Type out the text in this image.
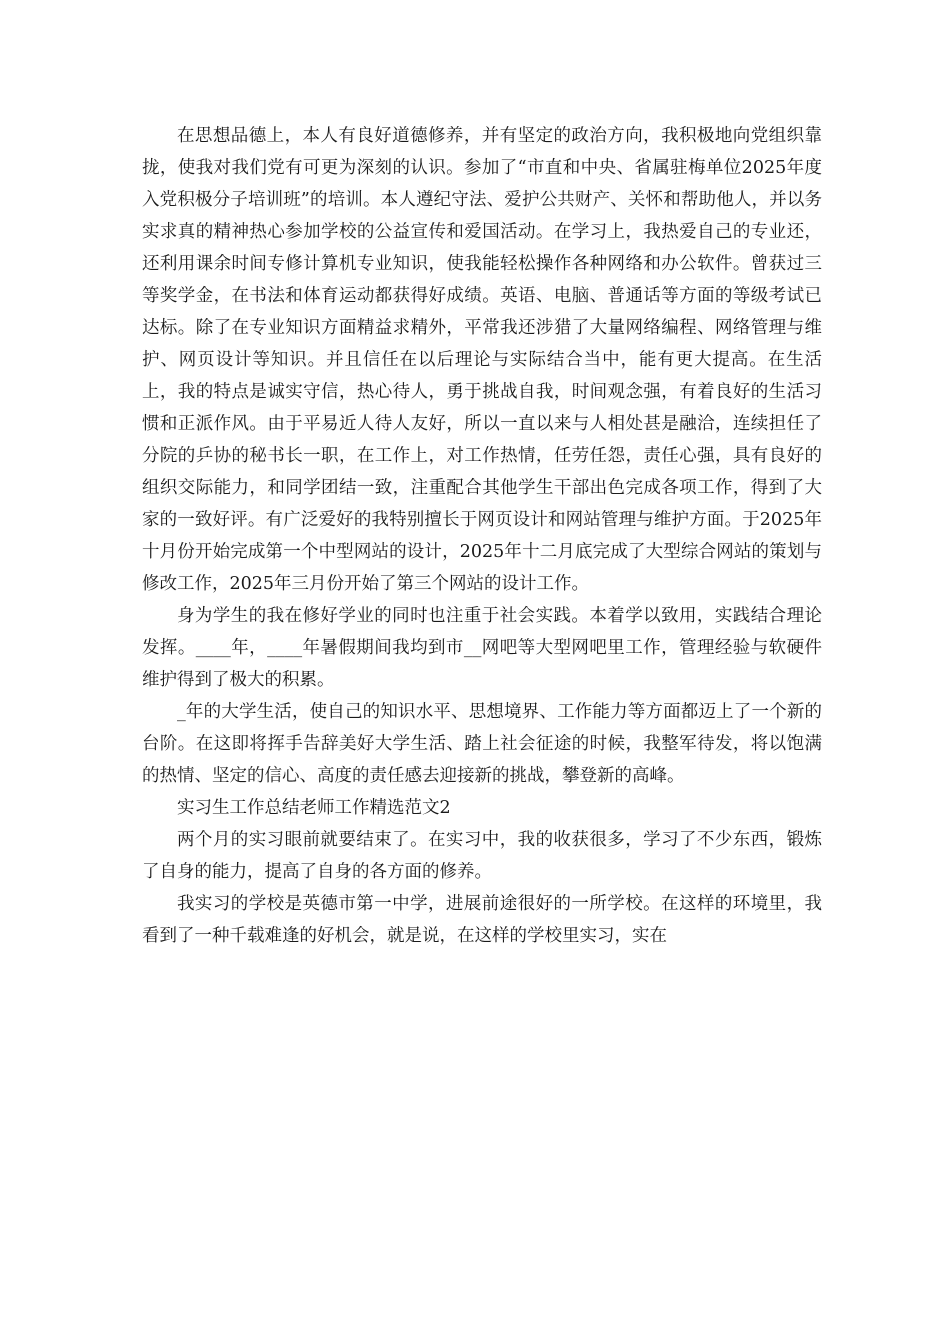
在思想品德上，本人有良好道德修养，并有坚定的政治方向，我积极地向党组织靠拢，使我对我们党有可更为深刻的认识。参加了“市直和中央、省属驻梅单位2025年度入党积极分子培训班”的培训。本人遵纪守法、爱护公共财产、关怀和帮助他人，并以务实求真的精神热心参加学校的公益宣传和爱国活动。在学习上，我热爱自己的专业还，还利用课余时间专修计算机专业知识，使我能轻松操作各种网络和办公软件。曾获过三等奖学金，在书法和体育运动都获得好成绩。英语、电脑、普通话等方面的等级考试已达标。除了在专业知识方面精益求精外，平常我还涉猎了大量网络编程、网络管理与维护、网页设计等知识。并且信任在以后理论与实际结合当中，能有更大提高。在生活上，我的特点是诚实守信，热心待人，勇于挑战自我，时间观念强，有着良好的生活习惯和正派作风。由于平易近人待人友好，所以一直以来与人相处甚是融洽，连续担任了分院的乒协的秘书长一职，在工作上，对工作热情，任劳任怨，责任心强，具有良好的组织交际能力，和同学团结一致，注重配合其他学生干部出色完成各项工作，得到了大家的一致好评。有广泛爱好的我特别擅长于网页设计和网站管理与维护方面。于2025年十月份开始完成第一个中型网站的设计，2025年十二月底完成了大型综合网站的策划与修改工作，2025年三月份开始了第三个网站的设计工作。

身为学生的我在修好学业的同时也注重于社会实践。本着学以致用，实践结合理论发挥。____年，____年暑假期间我均到市__网吧等大型网吧里工作，管理经验与软硬件维护得到了极大的积累。

_年的大学生活，使自己的知识水平、思想境界、工作能力等方面都迈上了一个新的台阶。在这即将挥手告辞美好大学生活、踏上社会征途的时候，我整军待发，将以饱满的热情、坚定的信心、高度的责任感去迎接新的挑战，攀登新的高峰。

实习生工作总结老师工作精选范文2

两个月的实习眼前就要结束了。在实习中，我的收获很多，学习了不少东西，锻炼了自身的能力，提高了自身的各方面的修养。

我实习的学校是英德市第一中学，进展前途很好的一所学校。在这样的环境里，我看到了一种千载难逢的好机会，就是说，在这样的学校里实习，实在
